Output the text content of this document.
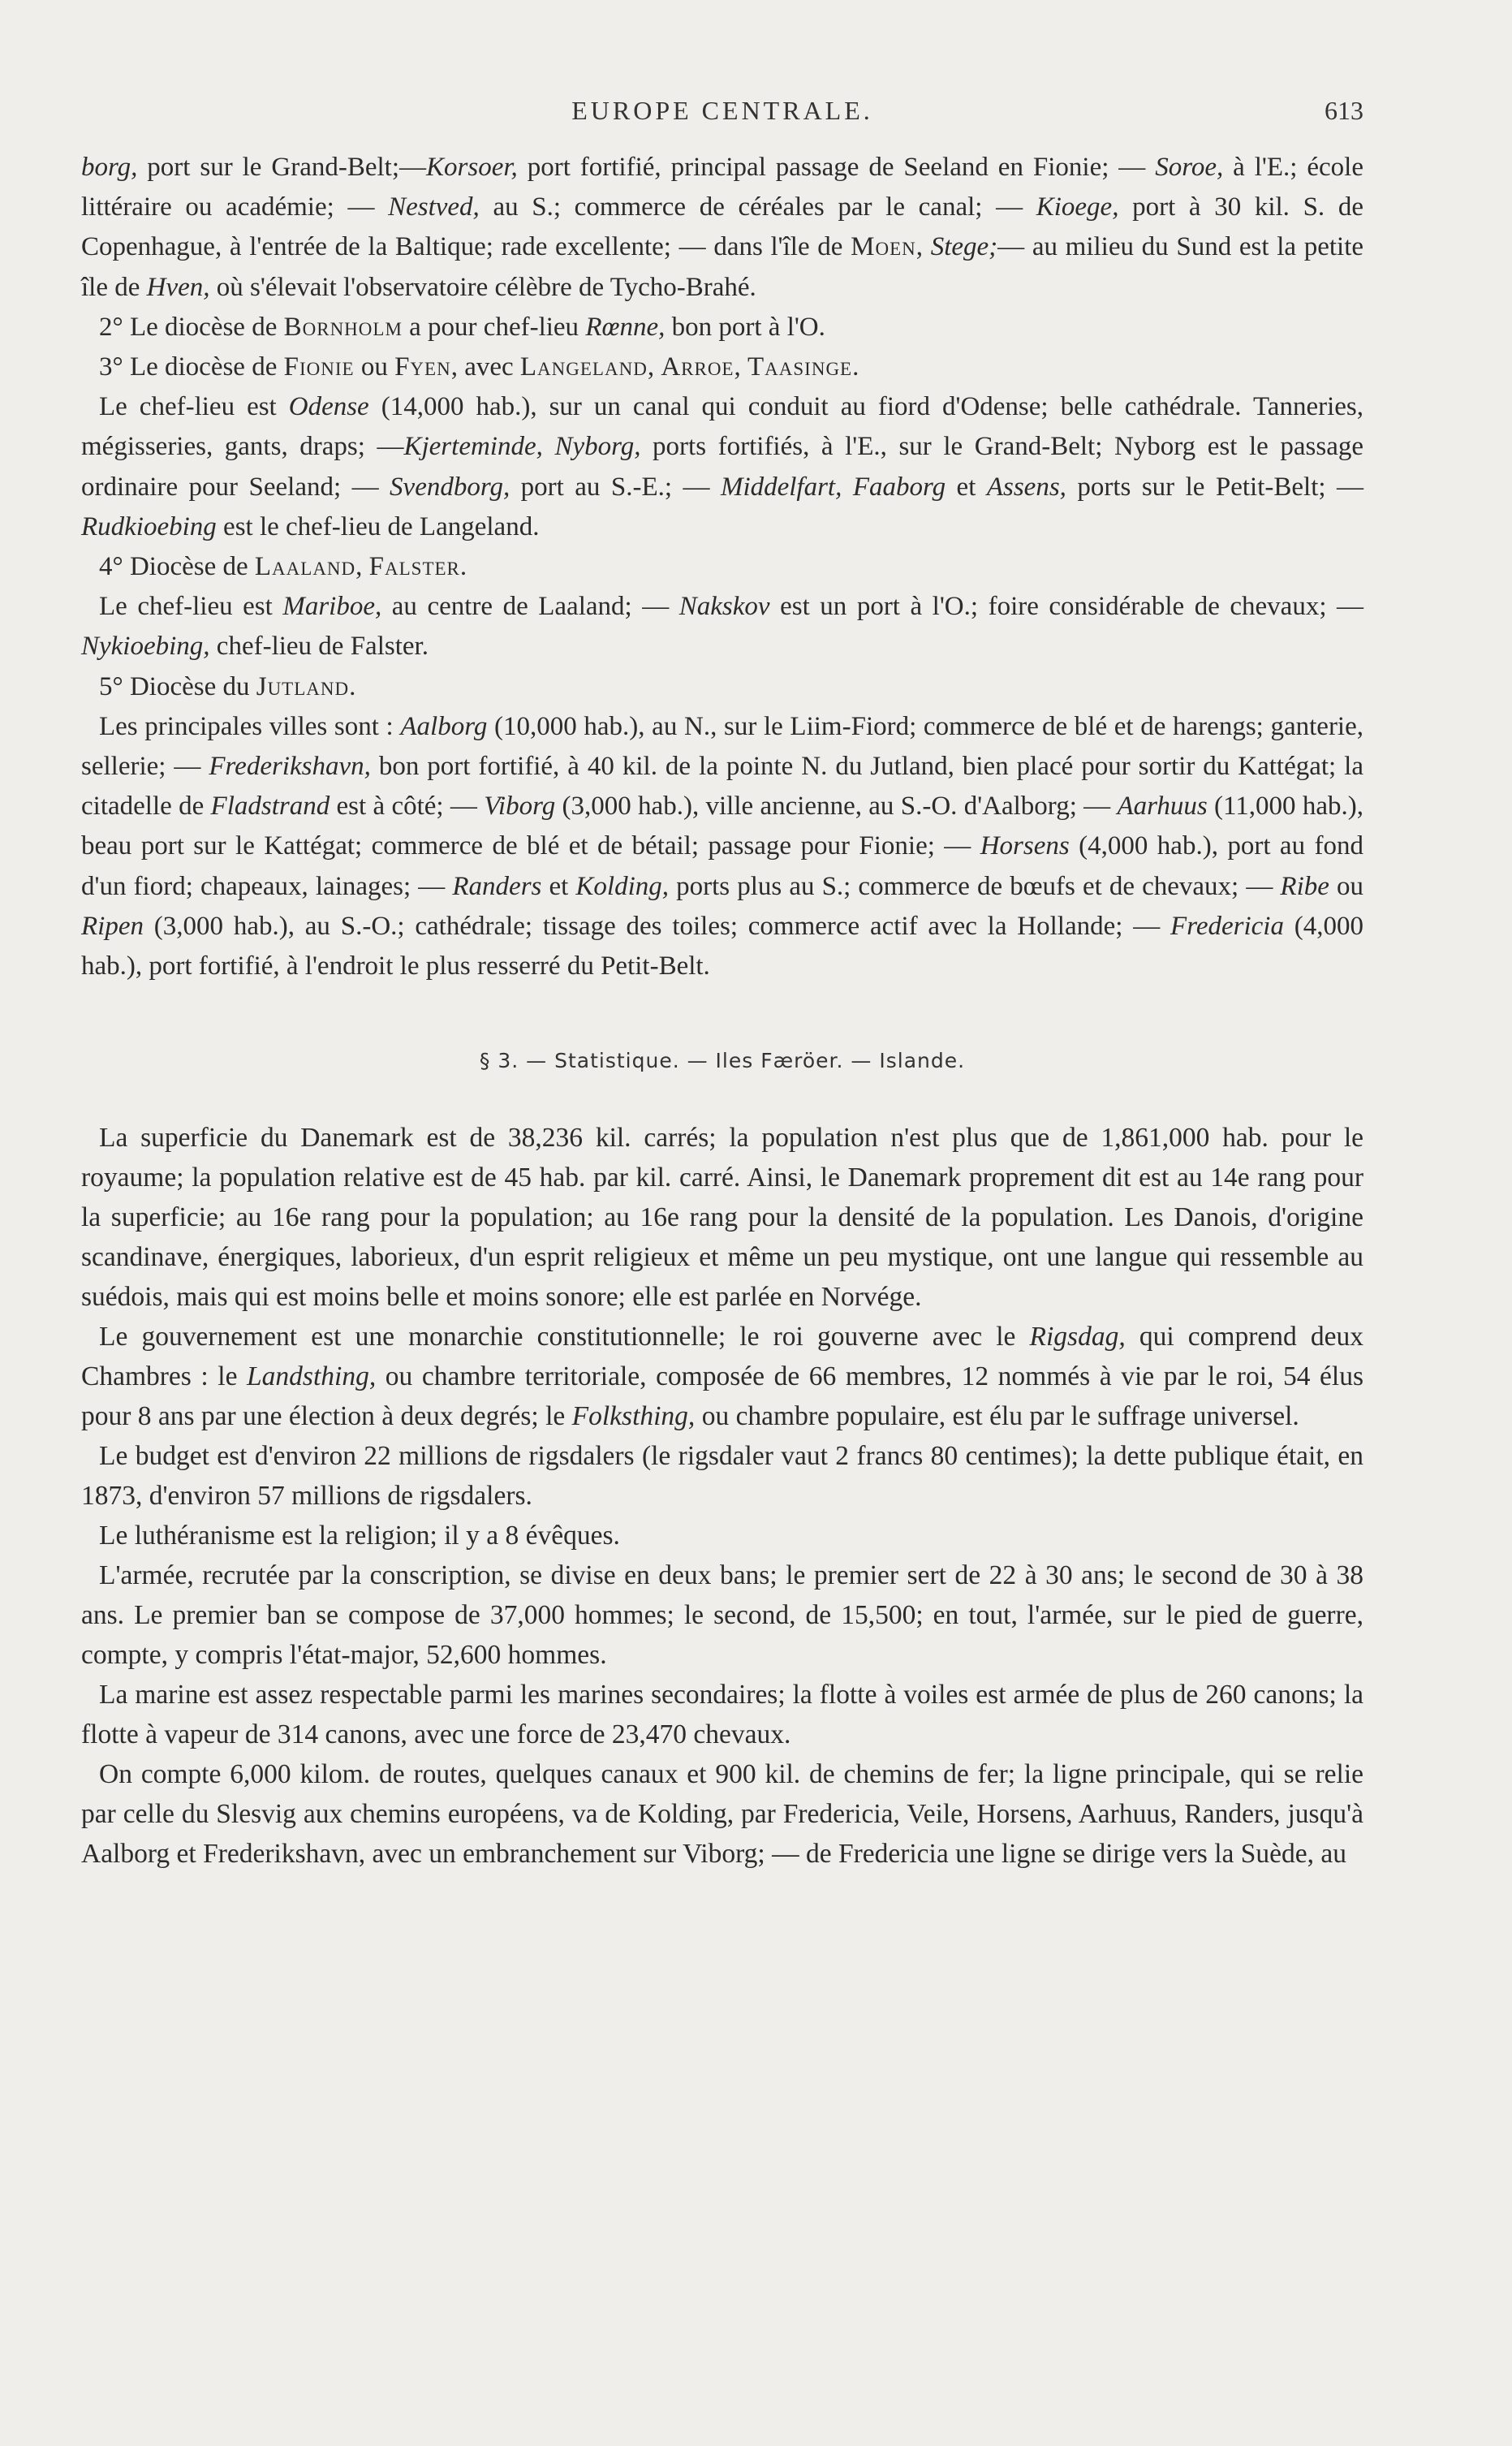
EUROPE CENTRALE.	613

borg, port sur le Grand-Belt;—Korsoer, port fortifié, principal passage de Seeland en Fionie; — Soroe, à l'E.; école littéraire ou académie; — Nestved, au S.; commerce de céréales par le canal; — Kioege, port à 30 kil. S. de Copenhague, à l'entrée de la Baltique; rade excellente; — dans l'île de Moen, Stege;— au milieu du Sund est la petite île de Hven, où s'élevait l'observatoire célèbre de Tycho-Brahé.

2° Le diocèse de Bornholm a pour chef-lieu Rœnne, bon port à l'O.

3° Le diocèse de Fionie ou Fyen, avec Langeland, Arroe, Taasinge.

Le chef-lieu est Odense (14,000 hab.), sur un canal qui conduit au fiord d'Odense; belle cathédrale. Tanneries, mégisseries, gants, draps; —Kjerteminde, Nyborg, ports fortifiés, à l'E., sur le Grand-Belt; Nyborg est le passage ordinaire pour Seeland; — Svendborg, port au S.-E.; — Middelfart, Faaborg et Assens, ports sur le Petit-Belt; — Rudkioebing est le chef-lieu de Langeland.

4° Diocèse de Laaland, Falster.

Le chef-lieu est Mariboe, au centre de Laaland; — Nakskov est un port à l'O.; foire considérable de chevaux; — Nykioebing, chef-lieu de Falster.

5° Diocèse du Jutland.

Les principales villes sont : Aalborg (10,000 hab.), au N., sur le Liim-Fiord; commerce de blé et de harengs; ganterie, sellerie; — Frederikshavn, bon port fortifié, à 40 kil. de la pointe N. du Jutland, bien placé pour sortir du Kattégat; la citadelle de Fladstrand est à côté; — Viborg (3,000 hab.), ville ancienne, au S.-O. d'Aalborg; — Aarhuus (11,000 hab.), beau port sur le Kattégat; commerce de blé et de bétail; passage pour Fionie; — Horsens (4,000 hab.), port au fond d'un fiord; chapeaux, lainages; — Randers et Kolding, ports plus au S.; commerce de bœufs et de chevaux; — Ribe ou Ripen (3,000 hab.), au S.-O.; cathédrale; tissage des toiles; commerce actif avec la Hollande; — Fredericia (4,000 hab.), port fortifié, à l'endroit le plus resserré du Petit-Belt.

§ 3. — Statistique. — Iles Færöer. — Islande.

La superficie du Danemark est de 38,236 kil. carrés; la population n'est plus que de 1,861,000 hab. pour le royaume; la population relative est de 45 hab. par kil. carré. Ainsi, le Danemark proprement dit est au 14e rang pour la superficie; au 16e rang pour la population; au 16e rang pour la densité de la population. Les Danois, d'origine scandinave, énergiques, laborieux, d'un esprit religieux et même un peu mystique, ont une langue qui ressemble au suédois, mais qui est moins belle et moins sonore; elle est parlée en Norvége.

Le gouvernement est une monarchie constitutionnelle; le roi gouverne avec le Rigsdag, qui comprend deux Chambres : le Landsthing, ou chambre territoriale, composée de 66 membres, 12 nommés à vie par le roi, 54 élus pour 8 ans par une élection à deux degrés; le Folksthing, ou chambre populaire, est élu par le suffrage universel.

Le budget est d'environ 22 millions de rigsdalers (le rigsdaler vaut 2 francs 80 centimes); la dette publique était, en 1873, d'environ 57 millions de rigsdalers.

Le luthéranisme est la religion; il y a 8 évêques.

L'armée, recrutée par la conscription, se divise en deux bans; le premier sert de 22 à 30 ans; le second de 30 à 38 ans. Le premier ban se compose de 37,000 hommes; le second, de 15,500; en tout, l'armée, sur le pied de guerre, compte, y compris l'état-major, 52,600 hommes.

La marine est assez respectable parmi les marines secondaires; la flotte à voiles est armée de plus de 260 canons; la flotte à vapeur de 314 canons, avec une force de 23,470 chevaux.

On compte 6,000 kilom. de routes, quelques canaux et 900 kil. de chemins de fer; la ligne principale, qui se relie par celle du Slesvig aux chemins européens, va de Kolding, par Fredericia, Veile, Horsens, Aarhuus, Randers, jusqu'à Aalborg et Frederikshavn, avec un embranchement sur Viborg; — de Fredericia une ligne se dirige vers la Suède, au
